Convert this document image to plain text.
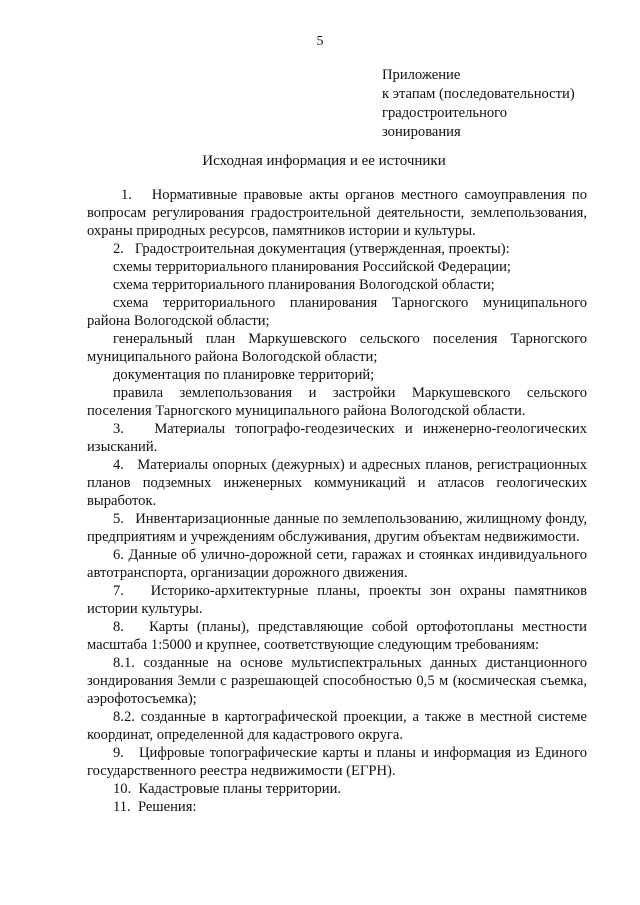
5
Приложение
к этапам (последовательности)
градостроительного
зонирования
Исходная информация и ее источники

1.   Нормативные правовые акты органов местного самоуправления по вопросам регулирования градостроительной деятельности, землепользования, охраны природных ресурсов, памятников истории и культуры.

2.   Градостроительная документация (утвержденная, проекты):

схемы территориального планирования Российской Федерации;

схема территориального планирования Вологодской области;

схема территориального планирования Тарногского муниципального района Вологодской области;

генеральный план Маркушевского сельского поселения Тарногского муниципального района Вологодской области;

документация по планировке территорий;

правила землепользования и застройки Маркушевского сельского поселения Тарногского муниципального района Вологодской области.

3.   Материалы топографо-геодезических и инженерно-геологических изысканий.

4.   Материалы опорных (дежурных) и адресных планов, регистрационных планов подземных инженерных коммуникаций и атласов геологических выработок.

5.   Инвентаризационные данные по землепользованию, жилищному фонду, предприятиям и учреждениям обслуживания, другим объектам недвижимости.

6. Данные об улично-дорожной сети, гаражах и стоянках индивидуального автотранспорта, организации дорожного движения.

7.   Историко-архитектурные планы, проекты зон охраны памятников истории культуры.

8.   Карты (планы), представляющие собой ортофотопланы местности масштаба 1:5000 и крупнее, соответствующие следующим требованиям:

8.1. созданные на основе мультиспектральных данных дистанционного зондирования Земли с разрешающей способностью 0,5 м (космическая съемка, аэрофотосъемка);

8.2. созданные в картографической проекции, а также в местной системе координат, определенной для кадастрового округа.

9.   Цифровые топографические карты и планы и информация из Единого государственного реестра недвижимости (ЕГРН).

10.  Кадастровые планы территории.

11.  Решения:
